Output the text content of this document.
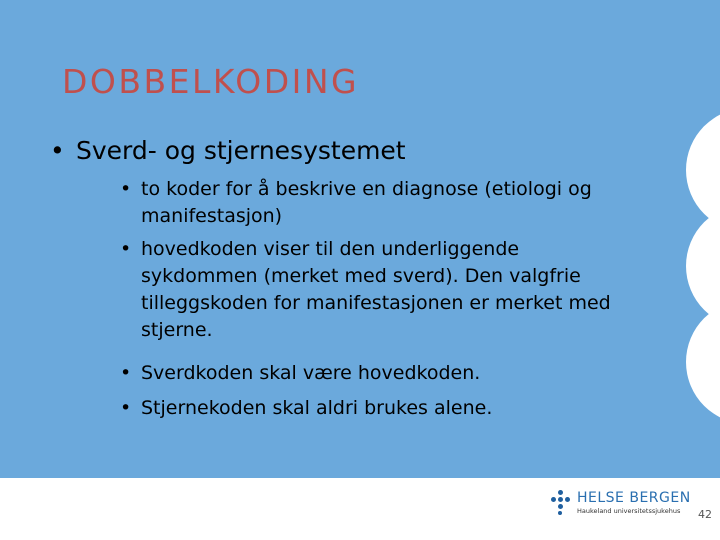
DOBBELKODING
• Sverd- og stjernesystemet
• to koder for å beskrive en diagnose (etiologi og manifestasjon)
• hovedkoden viser til den underliggende sykdommen (merket med sverd). Den valgfrie tilleggskoden for manifestasjonen er merket med stjerne.
• Sverdkoden skal være hovedkoden.
• Stjernekoden skal aldri brukes alene.
HELSE BERGEN
Haukeland universitetssjukehus 42
